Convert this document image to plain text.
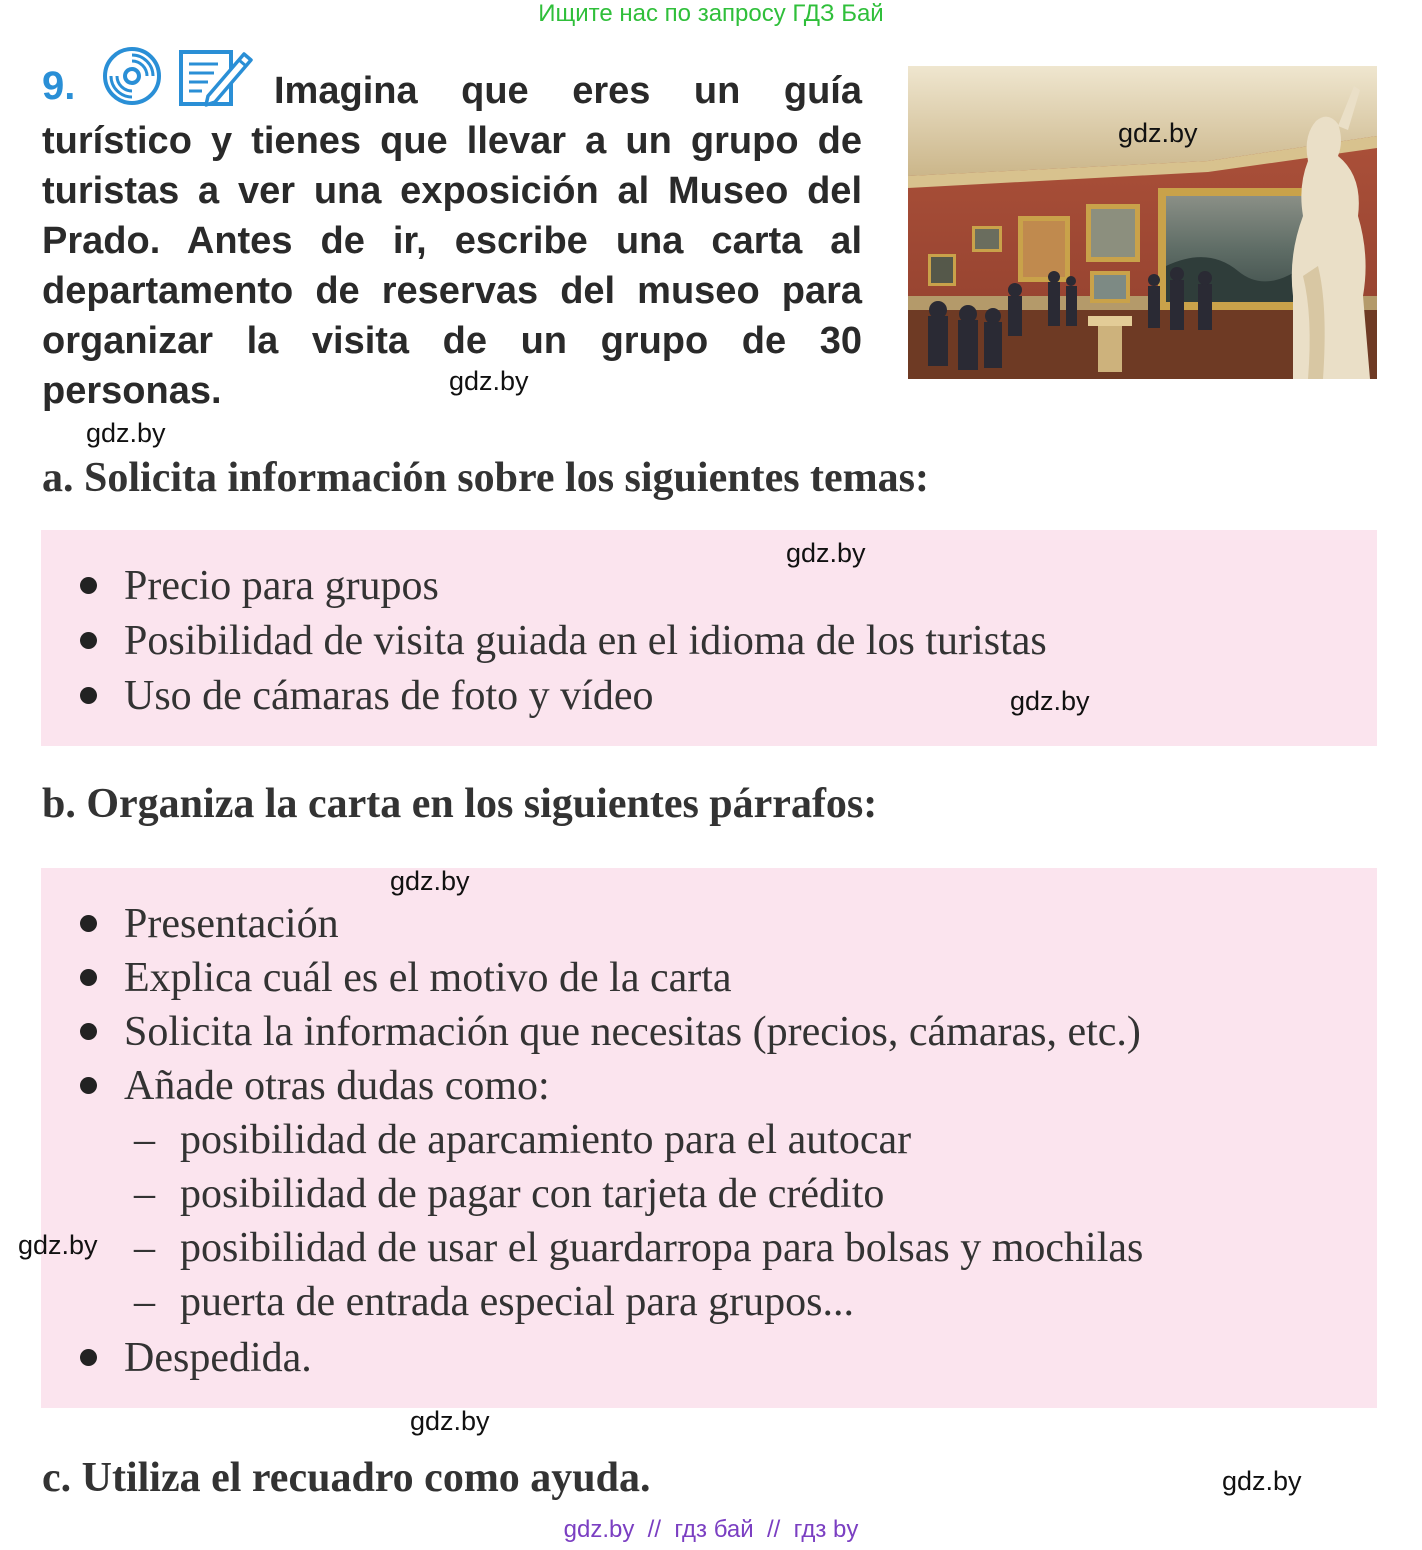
Ищите нас по запросу ГДЗ Бай
Imagina que eres un guía turístico y tienes que llevar a un grupo de turistas a ver una exposición al Museo del Prado. Antes de ir, escribe una carta al departamento de reservas del museo para organizar la visita de un grupo de 30 personas.
9.
gdz.by
gdz.by
gdz.by
a. Solicita información sobre los siguientes temas:
gdz.by
Precio para grupos
Posibilidad de visita guiada en el idioma de los turistas
Uso de cámaras de foto y vídeo	gdz.by
b. Organiza la carta en los siguientes párrafos:
gdz.by
Presentación
Explica cuál es el motivo de la carta
Solicita la información que necesitas (precios, cámaras, etc.)
Añade otras dudas como:
– posibilidad de aparcamiento para el autocar
– posibilidad de pagar con tarjeta de crédito
– posibilidad de usar el guardarropa para bolsas y mochilas
– puerta de entrada especial para grupos...
gdz.by
Despedida.
gdz.by
c. Utiliza el recuadro como ayuda.	gdz.by
gdz.by  //  гдз бай  //  гдз by
